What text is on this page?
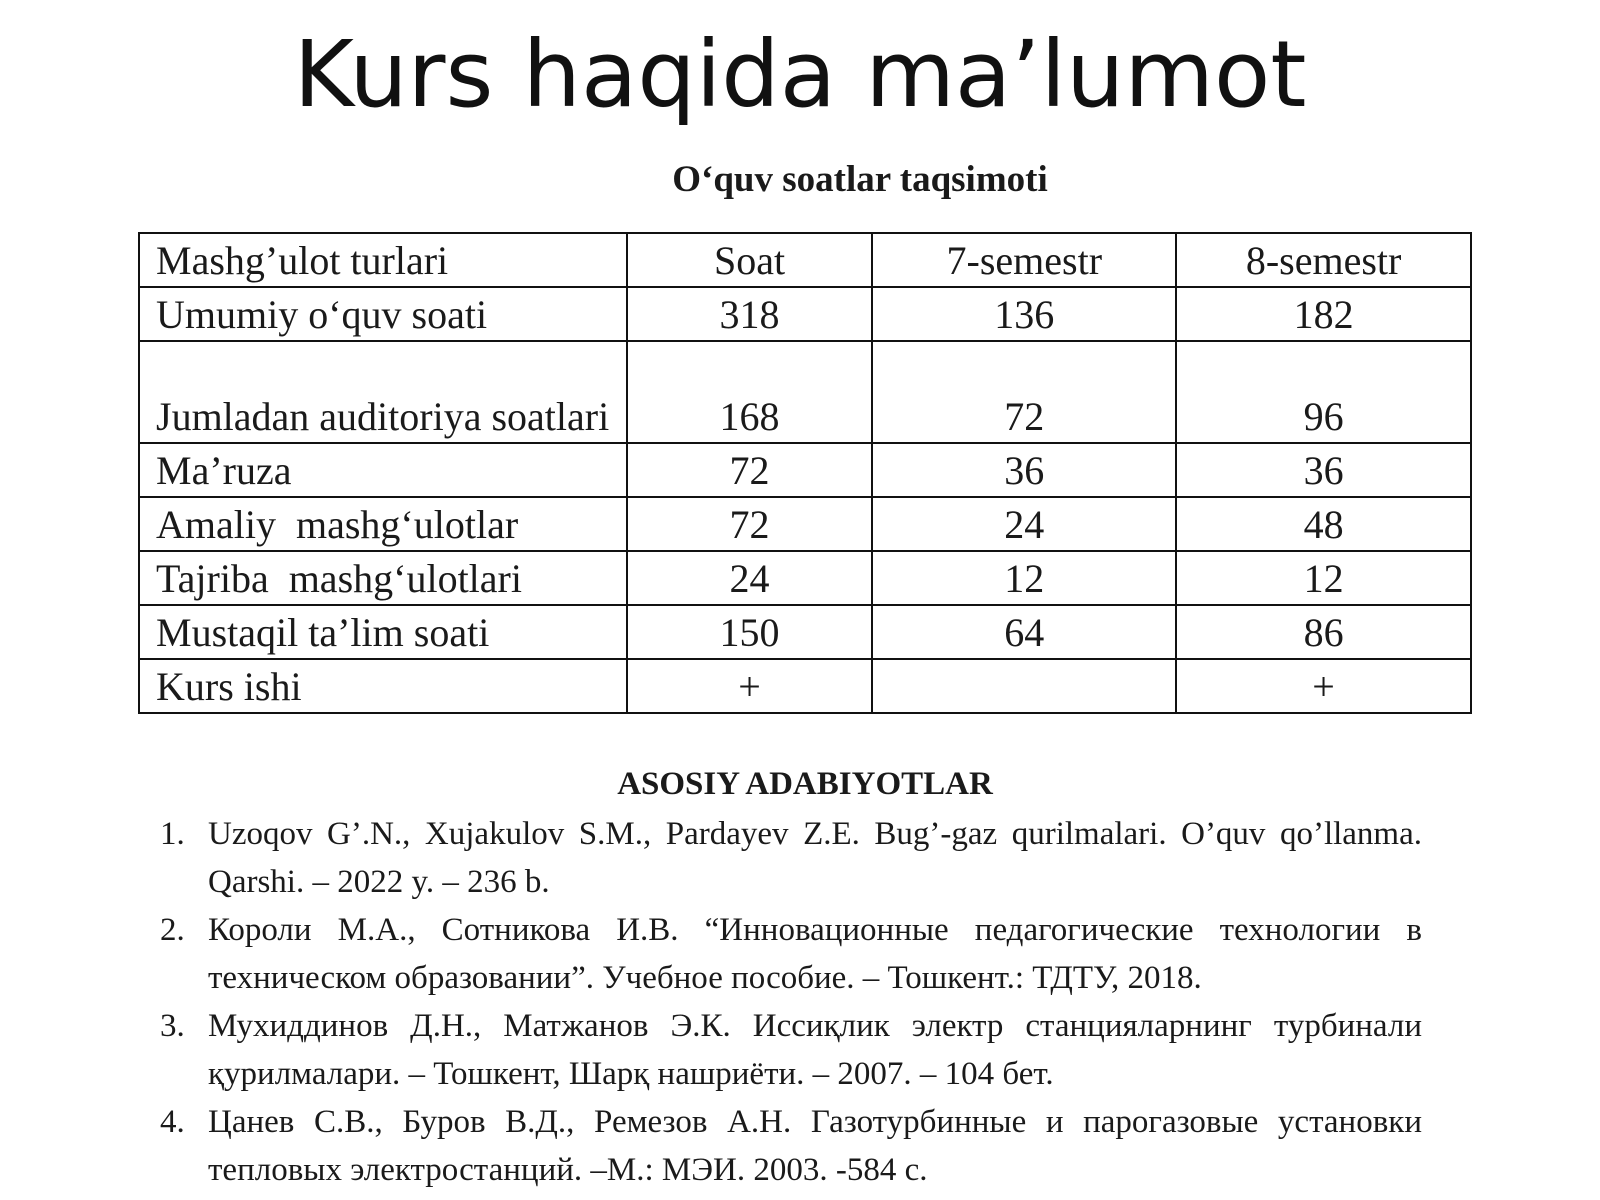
Kurs haqida ma’lumot
O‘quv soatlar taqsimoti
Mashg’ulot turlari	Soat	7-semestr	8-semestr
Umumiy o‘quv soati	318	136	182
Jumladan auditoriya soatlari	168	72	96
Ma’ruza	72	36	36
Amaliy  mashg‘ulotlar	72	24	48
Tajriba  mashg‘ulotlari	24	12	12
Mustaqil ta’lim soati	150	64	86
Kurs ishi	+		+
ASOSIY ADABIYOTLAR
1. Uzoqov G’.N., Xujakulov S.M., Pardayev Z.E. Bug’-gaz qurilmalari. O’quv qo’llanma. Qarshi. – 2022 y. – 236 b.
2. Короли М.А., Сотникова И.В. “Инновационные педагогические технологии в техническом образовании”. Учебное пособие. – Тошкент.: ТДТУ, 2018.
3. Мухиддинов Д.Н., Матжанов Э.К. Иссиқлик электр станцияларнинг турбинали қурилмалари. – Тошкент, Шарқ нашриёти. – 2007. – 104 бет.
4. Цанев С.В., Буров В.Д., Ремезов А.Н. Газотурбинные и парогазовые установки тепловых электростанций. –М.: МЭИ. 2003. -584 с.
